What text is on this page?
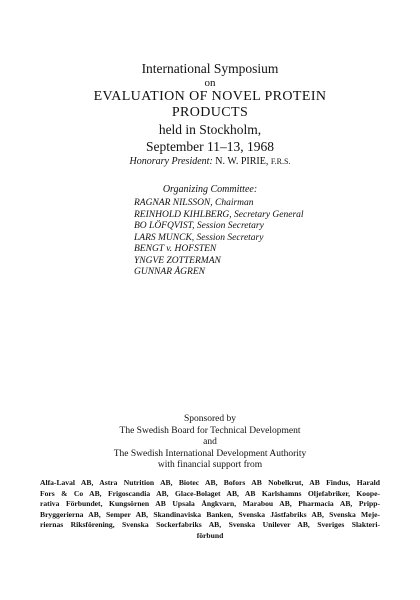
International Symposium
on
EVALUATION OF NOVEL PROTEIN
PRODUCTS
held in Stockholm,
September 11–13, 1968
Honorary President: N. W. PIRIE, F.R.S.
Organizing Committee:
RAGNAR NILSSON, Chairman
REINHOLD KIHLBERG, Secretary General
BO LÖFQVIST, Session Secretary
LARS MUNCK, Session Secretary
BENGT v. HOFSTEN
YNGVE ZOTTERMAN
GUNNAR ÅGREN
Sponsored by
The Swedish Board for Technical Development
and
The Swedish International Development Authority
with financial support from
Alfa-Laval AB, Astra Nutrition AB, Biotec AB, Bofors AB Nobelkrut, AB Findus, Harald
Fors & Co AB, Frigoscandia AB, Glace-Bolaget AB, AB Karlshamns Oljefabriker, Koope-
rativa Förbundet, Kungsörnen AB Upsala Ångkvarn, Marabou AB, Pharmacia AB, Pripp-
Bryggerierna AB, Semper AB, Skandinaviska Banken, Svenska Jästfabriks AB, Svenska Meje-
riernas Riksförening, Svenska Sockerfabriks AB, Svenska Unilever AB, Sveriges Slakteri-
förbund
